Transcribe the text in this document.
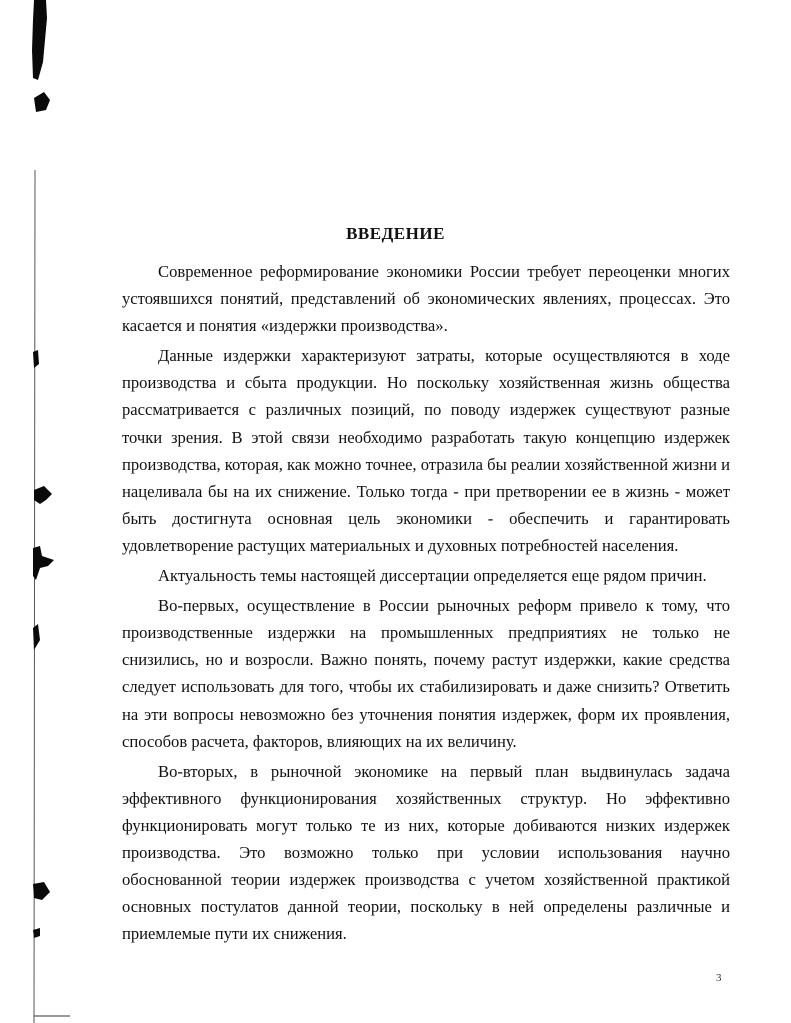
ВВЕДЕНИЕ

Современное реформирование экономики России требует переоценки многих устоявшихся понятий, представлений об экономических явлениях, процессах. Это касается и понятия «издержки производства».

Данные издержки характеризуют затраты, которые осуществляются в ходе производства и сбыта продукции. Но поскольку хозяйственная жизнь общества рассматривается с различных позиций, по поводу издержек существуют разные точки зрения. В этой связи необходимо разработать такую концепцию издержек производства, которая, как можно точнее, отразила бы реалии хозяйственной жизни и нацеливала бы на их снижение. Только тогда - при претворении ее в жизнь - может быть достигнута основная цель экономики - обеспечить и гарантировать удовлетворение растущих материальных и духовных потребностей населения.

Актуальность темы настоящей диссертации определяется еще рядом причин.

Во-первых, осуществление в России рыночных реформ привело к тому, что производственные издержки на промышленных предприятиях не только не снизились, но и возросли. Важно понять, почему растут издержки, какие средства следует использовать для того, чтобы их стабилизировать и даже снизить? Ответить на эти вопросы невозможно без уточнения понятия издержек, форм их проявления, способов расчета, факторов, влияющих на их величину.

Во-вторых, в рыночной экономике на первый план выдвинулась задача эффективного функционирования хозяйственных структур. Но эффективно функционировать могут только те из них, которые добиваются низких издержек производства. Это возможно только при условии использования научно обоснованной теории издержек производства с учетом хозяйственной практикой основных постулатов данной теории, поскольку в ней определены различные и приемлемые пути их снижения.

3
